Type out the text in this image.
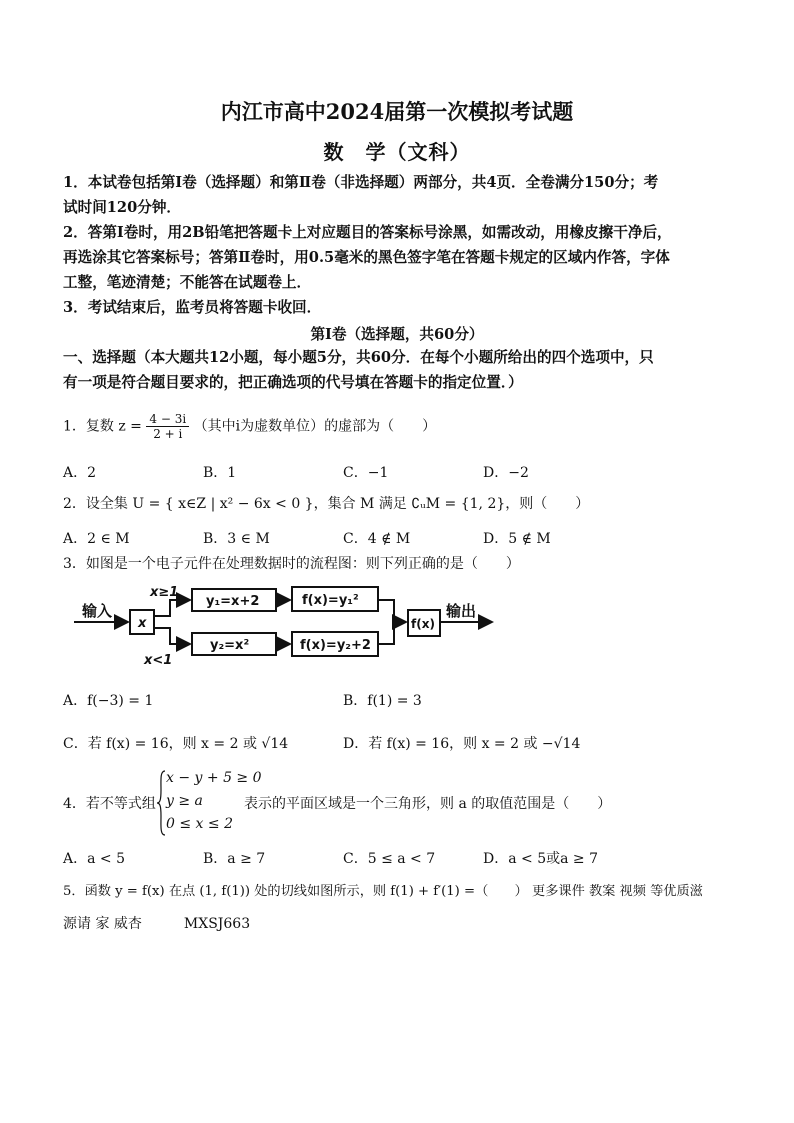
内江市高中2024届第一次模拟考试题
数　学（文科）
1．本试卷包括第Ⅰ卷（选择题）和第Ⅱ卷（非选择题）两部分，共4页．全卷满分150分；考
试时间120分钟．
2．答第Ⅰ卷时，用2B铅笔把答题卡上对应题目的答案标号涂黑，如需改动，用橡皮擦干净后，
再选涂其它答案标号；答第Ⅱ卷时，用0.5毫米的黑色签字笔在答题卡规定的区域内作答，字体
工整，笔迹清楚；不能答在试题卷上．
3．考试结束后，监考员将答题卡收回．
第Ⅰ卷（选择题，共60分）
一、选择题（本大题共12小题，每小题5分，共60分．在每个小题所给出的四个选项中，只
有一项是符合题目要求的，把正确选项的代号填在答题卡的指定位置．）
1．复数 $z = \frac{4 - 3i}{2 + i}$ （其中i为虚数单位）的虚部为（　　）
A．2	B．1	C．−1	D．−2
2．设全集 U = { x∈Z | x² − 6x < 0 }，集合 M 满足 ∁ᵤM = {1, 2}，则（　　）
A．2 ∈ M	B．3 ∈ M	C．4 ∉ M	D．5 ∉ M
3．如图是一个电子元件在处理数据时的流程图：则下列正确的是（　　）
输入
x
x≥1
x<1
y₁=x+2
y₂=x²
f(x)=y₁²
f(x)=y₂+2
f(x)
输出
A．f(−3) = 1	B．f(1) = 3
C．若 f(x) = 16，则 x = 2 或 √14	D．若 f(x) = 16，则 x = 2 或 −√14
4．若不等式组
x − y + 5 ≥ 0
y ≥ a
0 ≤ x ≤ 2
表示的平面区域是一个三角形，则 a 的取值范围是（　　）
A．a < 5	B．a ≥ 7	C．5 ≤ a < 7	D．a < 5或a ≥ 7
5．函数 y = f(x) 在点 (1, f(1)) 处的切线如图所示，则 f(1) + f′(1) =（　　） 更多课件 教案 视频 等优质滋
源请 家 威杏　　　MXSJ663
